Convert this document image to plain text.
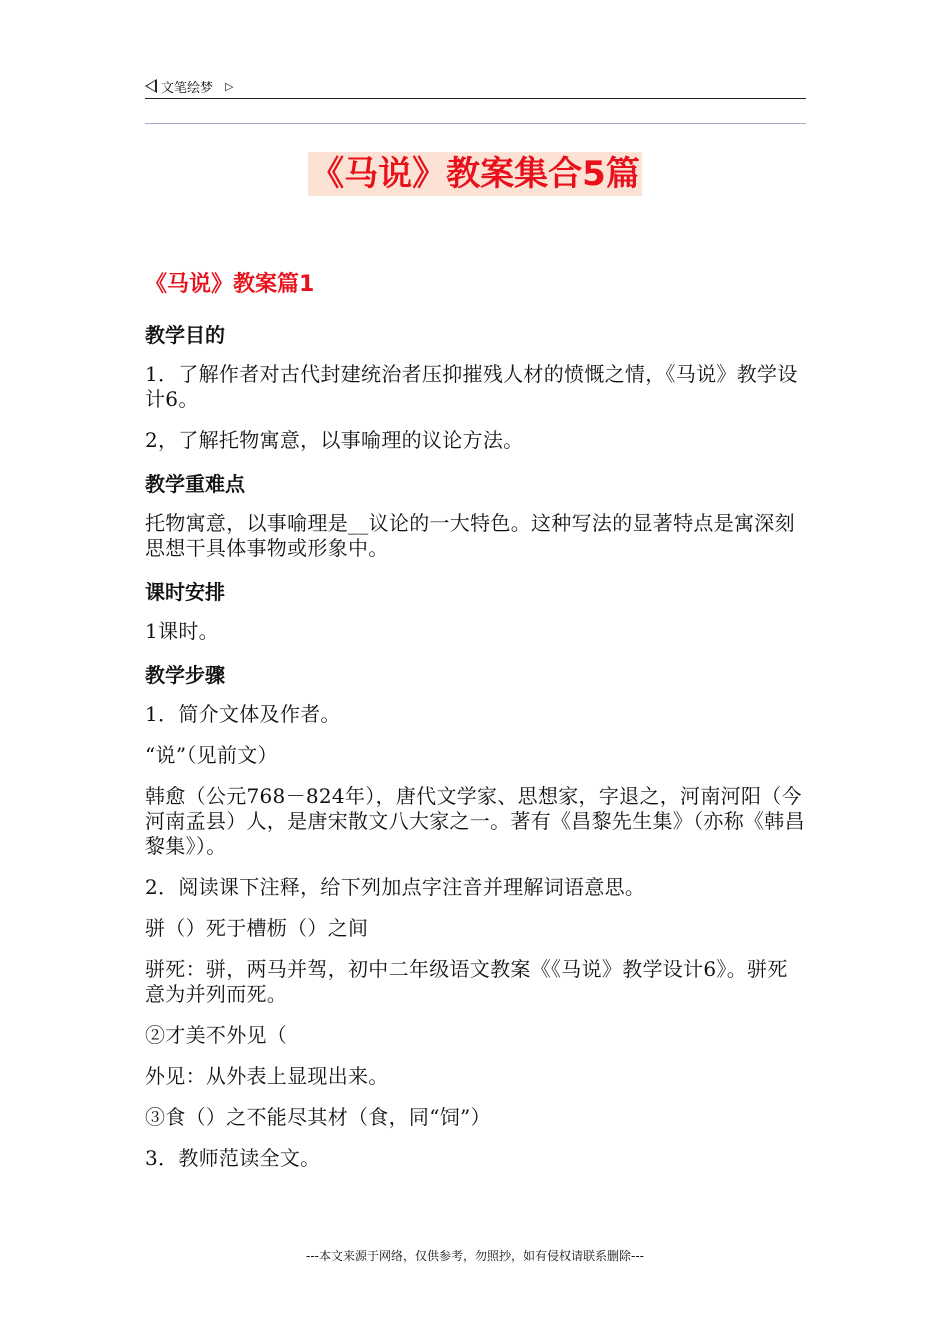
文笔绘梦 ▷
《马说》教案集合5篇
《马说》教案篇1
教学目的
1．了解作者对古代封建统治者压抑摧残人材的愤慨之情，《马说》教学设计6。
2，了解托物寓意，以事喻理的议论方法。
教学重难点
托物寓意，以事喻理是__议论的一大特色。这种写法的显著特点是寓深刻思想干具体事物或形象中。
课时安排
1课时。
教学步骤
1．简介文体及作者。
“说”（见前文）
韩愈（公元768－824年），唐代文学家、思想家，字退之，河南河阳（今河南孟县）人，是唐宋散文八大家之一。著有《昌黎先生集》（亦称《韩昌黎集》）。
2．阅读课下注释，给下列加点字注音并理解词语意思。
骈（）死于槽枥（）之间
骈死：骈，两马并驾，初中二年级语文教案《《马说》教学设计6》。骈死意为并列而死。
②才美不外见（
外见：从外表上显现出来。
③食（）之不能尽其材（食，同“饲”）
3．教师范读全文。
---本文来源于网络，仅供参考，勿照抄，如有侵权请联系删除---
